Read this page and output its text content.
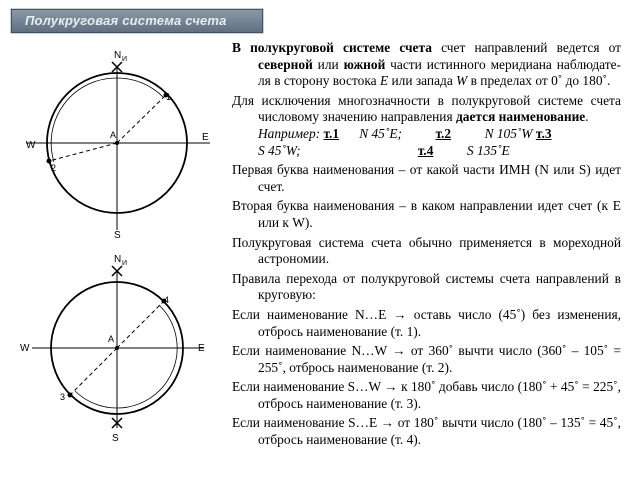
Полукруговая система счета
N И
E
W
S
А
1
2
N И
E
W
S
А
4
3

В полукруговой системе счета счет направлений ведется от северной или южной части истинного меридиана наблюдате-ля в сторону востока E или запада W в пределах от 0˚ до 180˚.

Для исключения многозначности в полукруговой системе счета числовому значению направления дается наименование.

Например:
т.1
N 45˚E;
т.2
N 105˚W
т.3
S 45˚W;
	т.4
S 135˚E

Первая буква наименования – от какой части ИМН (N или S) идет счет.

Вторая буква наименования – в каком направлении идет счет (к E или к W).

Полукруговая система счета обычно применяется в мореходной астрономии.

Правила перехода от полукруговой системы счета направлений в круговую:

Если наименование N…E → оставь число (45˚) без изменения, отбрось наименование (т. 1).

Если наименование N…W → от 360˚ вычти число (360˚ – 105˚ = 255˚, отбрось наименование (т. 2).

Если наименование S…W → к 180˚ добавь число (180˚ + 45˚ = 225˚, отбрось наименование (т. 3).

Если наименование S…E → от 180˚ вычти число (180˚ – 135˚ = 45˚, отбрось наименование (т. 4).
